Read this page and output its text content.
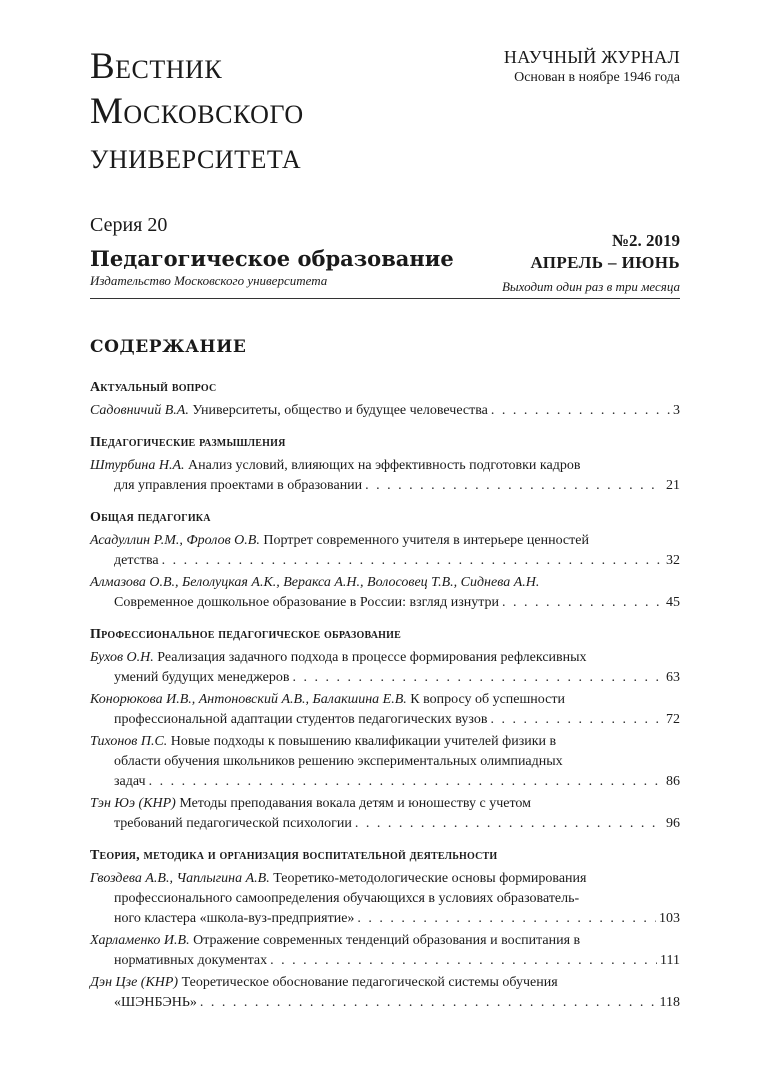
Вестник
Московского
университета
НАУЧНЫЙ ЖУРНАЛ
Основан в ноябре 1946 года
Серия 20
Педагогическое образование
Издательство Московского университета
№2. 2019
АПРЕЛЬ – ИЮНЬ
Выходит один раз в три месяца
СОДЕРЖАНИЕ
Актуальный вопрос
Садовничий В.А. Университеты, общество и будущее человечества . . .	3
Педагогические размышления
Штурбина Н.А. Анализ условий, влияющих на эффективность подготовки кадров
для управления проектами в образовании . . .	21
Общая педагогика
Асадуллин Р.М., Фролов О.В. Портрет современного учителя в интерьере ценностей
детства . . .	32
Алмазова О.В., Белолуцкая А.К., Веракса А.Н., Волосовец Т.В., Сиднева А.Н.
Современное дошкольное образование в России: взгляд изнутри . . .	45
Профессиональное педагогическое образование
Бухов О.Н. Реализация задачного подхода в процессе формирования рефлексивных
умений будущих менеджеров . . .	63
Конорюкова И.В., Антоновский А.В., Балакшина Е.В. К вопросу об успешности
профессиональной адаптации студентов педагогических вузов . . .	72
Тихонов П.С. Новые подходы к повышению квалификации учителей физики в
области обучения школьников решению экспериментальных олимпиадных
задач . . .	86
Тэн Юэ (КНР) Методы преподавания вокала детям и юношеству с учетом
требований педагогической психологии . . .	96
Теория, методика и организация воспитательной деятельности
Гвоздева А.В., Чаплыгина А.В. Теоретико-методологические основы формирования
профессионального самоопределения обучающихся в условиях образователь-
ного кластера «школа-вуз-предприятие» . . .	103
Харламенко И.В. Отражение современных тенденций образования и воспитания в
нормативных документах . . .	111
Дэн Цзе (КНР) Теоретическое обоснование педагогической системы обучения
«ШЭНБЭНЬ» . . .	118
